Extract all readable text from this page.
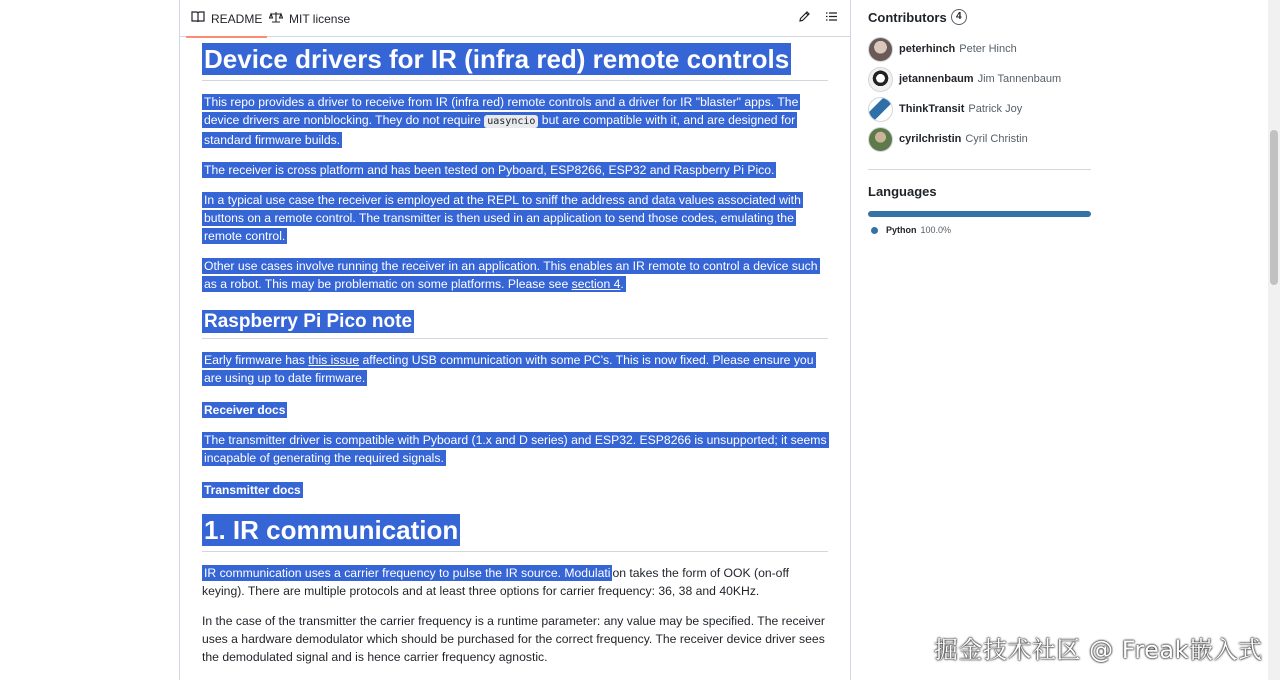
README MIT license
Device drivers for IR (infra red) remote controls

This repo provides a driver to receive from IR (infra red) remote controls and a driver for IR "blaster" apps. The device drivers are nonblocking. They do not require uasyncio but are compatible with it, and are designed for standard firmware builds.

The receiver is cross platform and has been tested on Pyboard, ESP8266, ESP32 and Raspberry Pi Pico.

In a typical use case the receiver is employed at the REPL to sniff the address and data values associated with buttons on a remote control. The transmitter is then used in an application to send those codes, emulating the remote control.

Other use cases involve running the receiver in an application. This enables an IR remote to control a device such as a robot. This may be problematic on some platforms. Please see section 4.

Raspberry Pi Pico note

Early firmware has this issue affecting USB communication with some PC's. This is now fixed. Please ensure you are using up to date firmware.

Receiver docs

The transmitter driver is compatible with Pyboard (1.x and D series) and ESP32. ESP8266 is unsupported; it seems incapable of generating the required signals.

Transmitter docs
1. IR communication

IR communication uses a carrier frequency to pulse the IR source. Modulati on takes the form of OOK (on-off keying). There are multiple protocols and at least three options for carrier frequency: 36, 38 and 40KHz.

In the case of the transmitter the carrier frequency is a runtime parameter: any value may be specified. The receiver uses a hardware demodulator which should be purchased for the correct frequency. The receiver device driver sees the demodulated signal and is hence carrier frequency agnostic.

Contributors 4
peterhinch Peter Hinch
jetannenbaum Jim Tannenbaum
ThinkTransit Patrick Joy
cyrilchristin Cyril Christin
Languages
Python 100.0%
掘金技术社区 @ Freak嵌入式
